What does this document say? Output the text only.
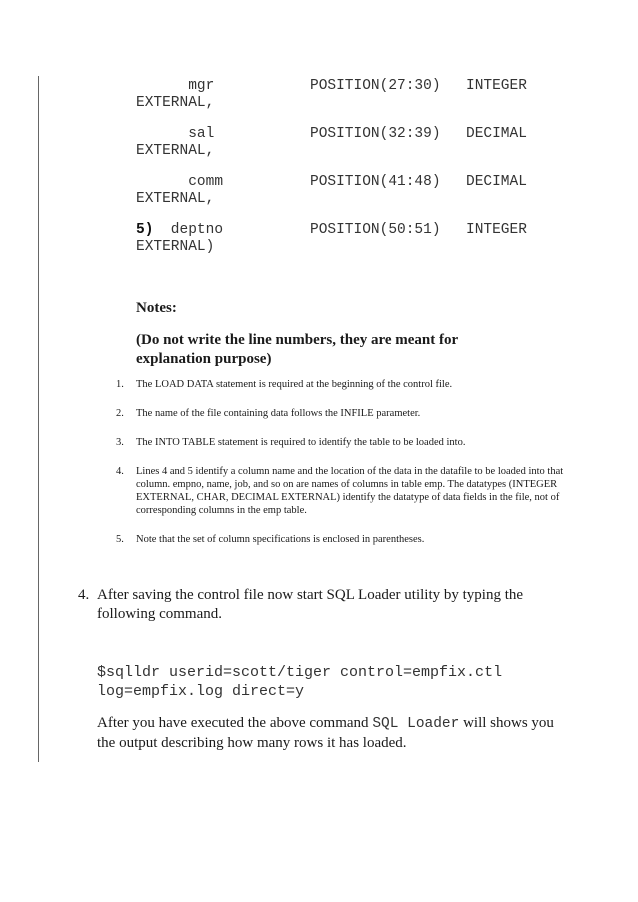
mgr	POSITION(27:30) INTEGER
EXTERNAL,
sal	POSITION(32:39) DECIMAL
EXTERNAL,
comm	POSITION(41:48) DECIMAL
EXTERNAL,
5)  deptno	POSITION(50:51) INTEGER
EXTERNAL)
Notes:
(Do not write the line numbers, they are meant for explanation purpose)
1. The LOAD DATA statement is required at the beginning of the control file.
2. The name of the file containing data follows the INFILE parameter.
3. The INTO TABLE statement is required to identify the table to be loaded into.
4. Lines 4 and 5 identify a column name and the location of the data in the datafile to be loaded into that column. empno, name, job, and so on are names of columns in table emp. The datatypes (INTEGER EXTERNAL, CHAR, DECIMAL EXTERNAL) identify the datatype of data fields in the file, not of corresponding columns in the emp table.
5. Note that the set of column specifications is enclosed in parentheses.
4. After saving the control file now start SQL Loader utility by typing the following command.
$sqlldr userid=scott/tiger control=empfix.ctl
log=empfix.log direct=y
After you have executed the above command SQL Loader will shows you the output describing how many rows it has loaded.
